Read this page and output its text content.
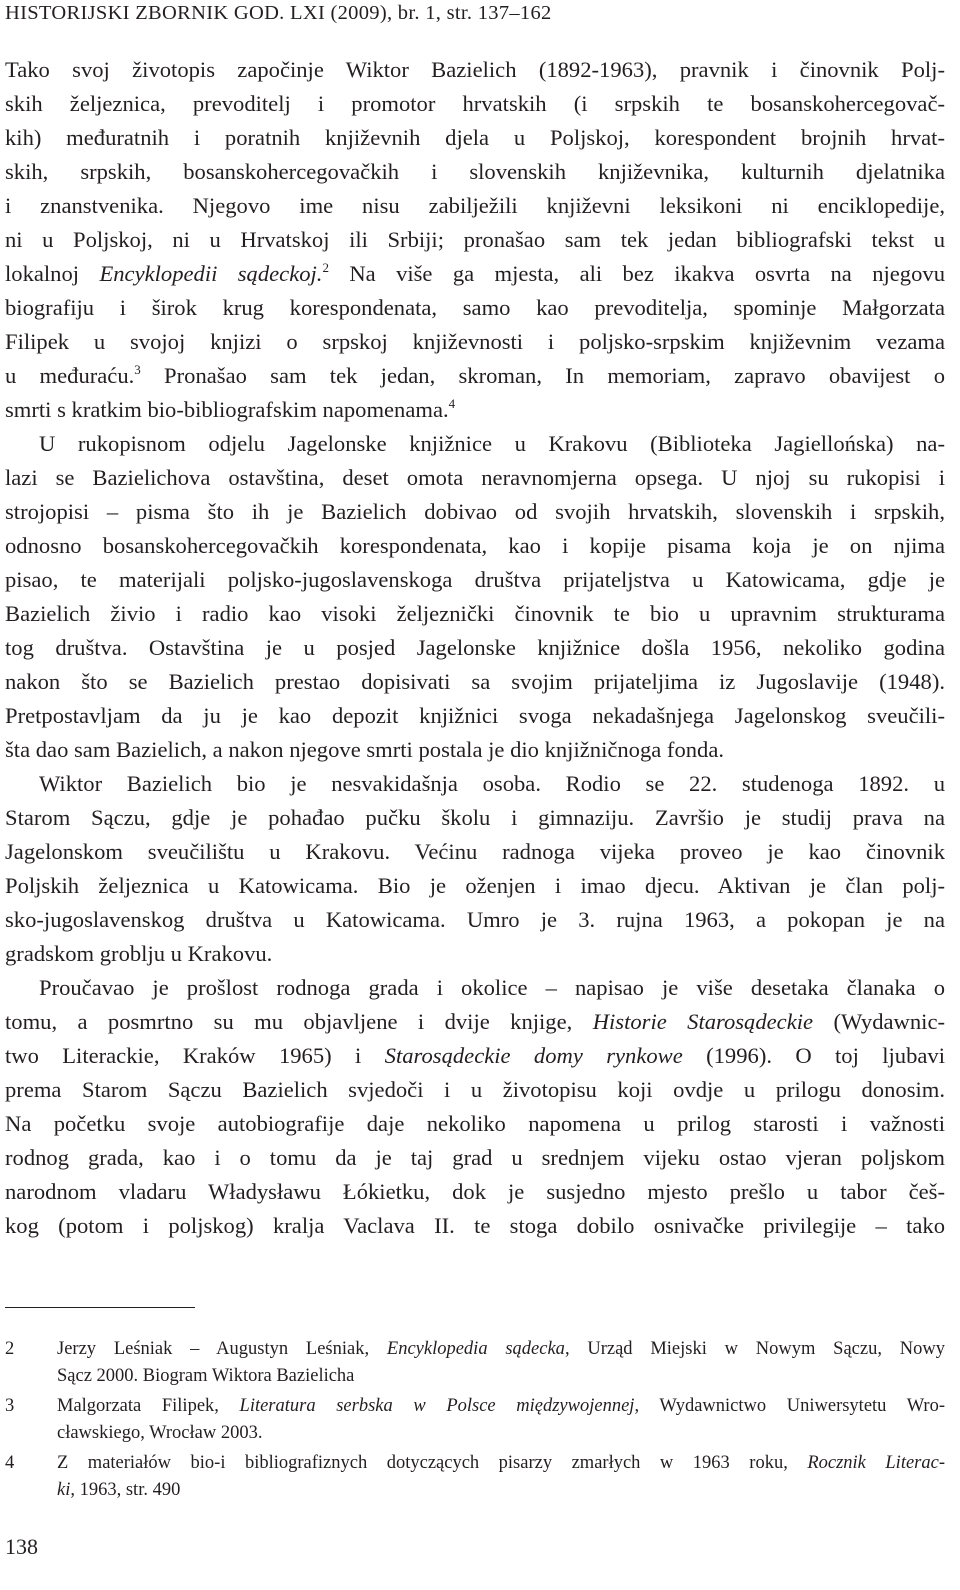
HISTORIJSKI ZBORNIK GOD. LXI (2009), br. 1, str. 137–162
Tako svoj životopis započinje Wiktor Bazielich (1892-1963), pravnik i činovnik Polj-
skih željeznica, prevoditelj i promotor hrvatskih (i srpskih te bosanskohercegovač-
kih) međuratnih i poratnih književnih djela u Poljskoj, korespondent brojnih hrvat-
skih, srpskih, bosanskohercegovačkih i slovenskih književnika, kulturnih djelatnika
i znanstvenika. Njegovo ime nisu zabilježili književni leksikoni ni enciklopedije,
ni u Poljskoj, ni u Hrvatskoj ili Srbiji; pronašao sam tek jedan bibliografski tekst u
lokalnoj Encyklopedii sądeckoj.$^2$ Na više ga mjesta, ali bez ikakva osvrta na njegovu
biografiju i širok krug korespondenata, samo kao prevoditelja, spominje Małgorzata
Filipek u svojoj knjizi o srpskoj književnosti i poljsko-srpskim književnim vezama
u međuraću.$^3$ Pronašao sam tek jedan, skroman, In memoriam, zapravo obavijest o
smrti s kratkim bio-bibliografskim napomenama.$^4$
U rukopisnom odjelu Jagelonske knjižnice u Krakovu (Biblioteka Jagiellońska) na-
lazi se Bazielichova ostavština, deset omota neravnomjerna opsega. U njoj su rukopisi i
strojopisi – pisma što ih je Bazielich dobivao od svojih hrvatskih, slovenskih i srpskih,
odnosno bosanskohercegovačkih korespondenata, kao i kopije pisama koja je on njima
pisao, te materijali poljsko-jugoslavenskoga društva prijateljstva u Katowicama, gdje je
Bazielich živio i radio kao visoki željeznički činovnik te bio u upravnim strukturama
tog društva. Ostavština je u posjed Jagelonske knjižnice došla 1956, nekoliko godina
nakon što se Bazielich prestao dopisivati sa svojim prijateljima iz Jugoslavije (1948).
Pretpostavljam da ju je kao depozit knjižnici svoga nekadašnjega Jagelonskog sveučili-
šta dao sam Bazielich, a nakon njegove smrti postala je dio knjižničnoga fonda.
Wiktor Bazielich bio je nesvakidašnja osoba. Rodio se 22. studenoga 1892. u
Starom Sączu, gdje je pohađao pučku školu i gimnaziju. Završio je studij prava na
Jagelonskom sveučilištu u Krakovu. Većinu radnoga vijeka proveo je kao činovnik
Poljskih željeznica u Katowicama. Bio je oženjen i imao djecu. Aktivan je član polj-
sko-jugoslavenskog društva u Katowicama. Umro je 3. rujna 1963, a pokopan je na
gradskom groblju u Krakovu.
Proučavao je prošlost rodnoga grada i okolice – napisao je više desetaka članaka o
tomu, a posmrtno su mu objavljene i dvije knjige, Historie Starosądeckie (Wydawnic-
two Literackie, Kraków 1965) i Starosądeckie domy rynkowe (1996). O toj ljubavi
prema Starom Sączu Bazielich svjedoči i u životopisu koji ovdje u prilogu donosim.
Na početku svoje autobiografije daje nekoliko napomena u prilog starosti i važnosti
rodnog grada, kao i o tomu da je taj grad u srednjem vijeku ostao vjeran poljskom
narodnom vladaru Władysławu Łókietku, dok je susjedno mjesto prešlo u tabor češ-
kog (potom i poljskog) kralja Vaclava II. te stoga dobilo osnivačke privilegije – tako
2 Jerzy Leśniak – Augustyn Leśniak, Encyklopedia sądecka, Urząd Miejski w Nowym Sączu, Nowy
Sącz 2000. Biogram Wiktora Bazielicha
3 Malgorzata Filipek, Literatura serbska w Polsce międzywojennej, Wydawnictwo Uniwersytetu Wro-
cławskiego, Wrocław 2003.
4 Z materiałów bio-i bibliografiznych dotyczących pisarzy zmarłych w 1963 roku, Rocznik Literac-
ki, 1963, str. 490
138
